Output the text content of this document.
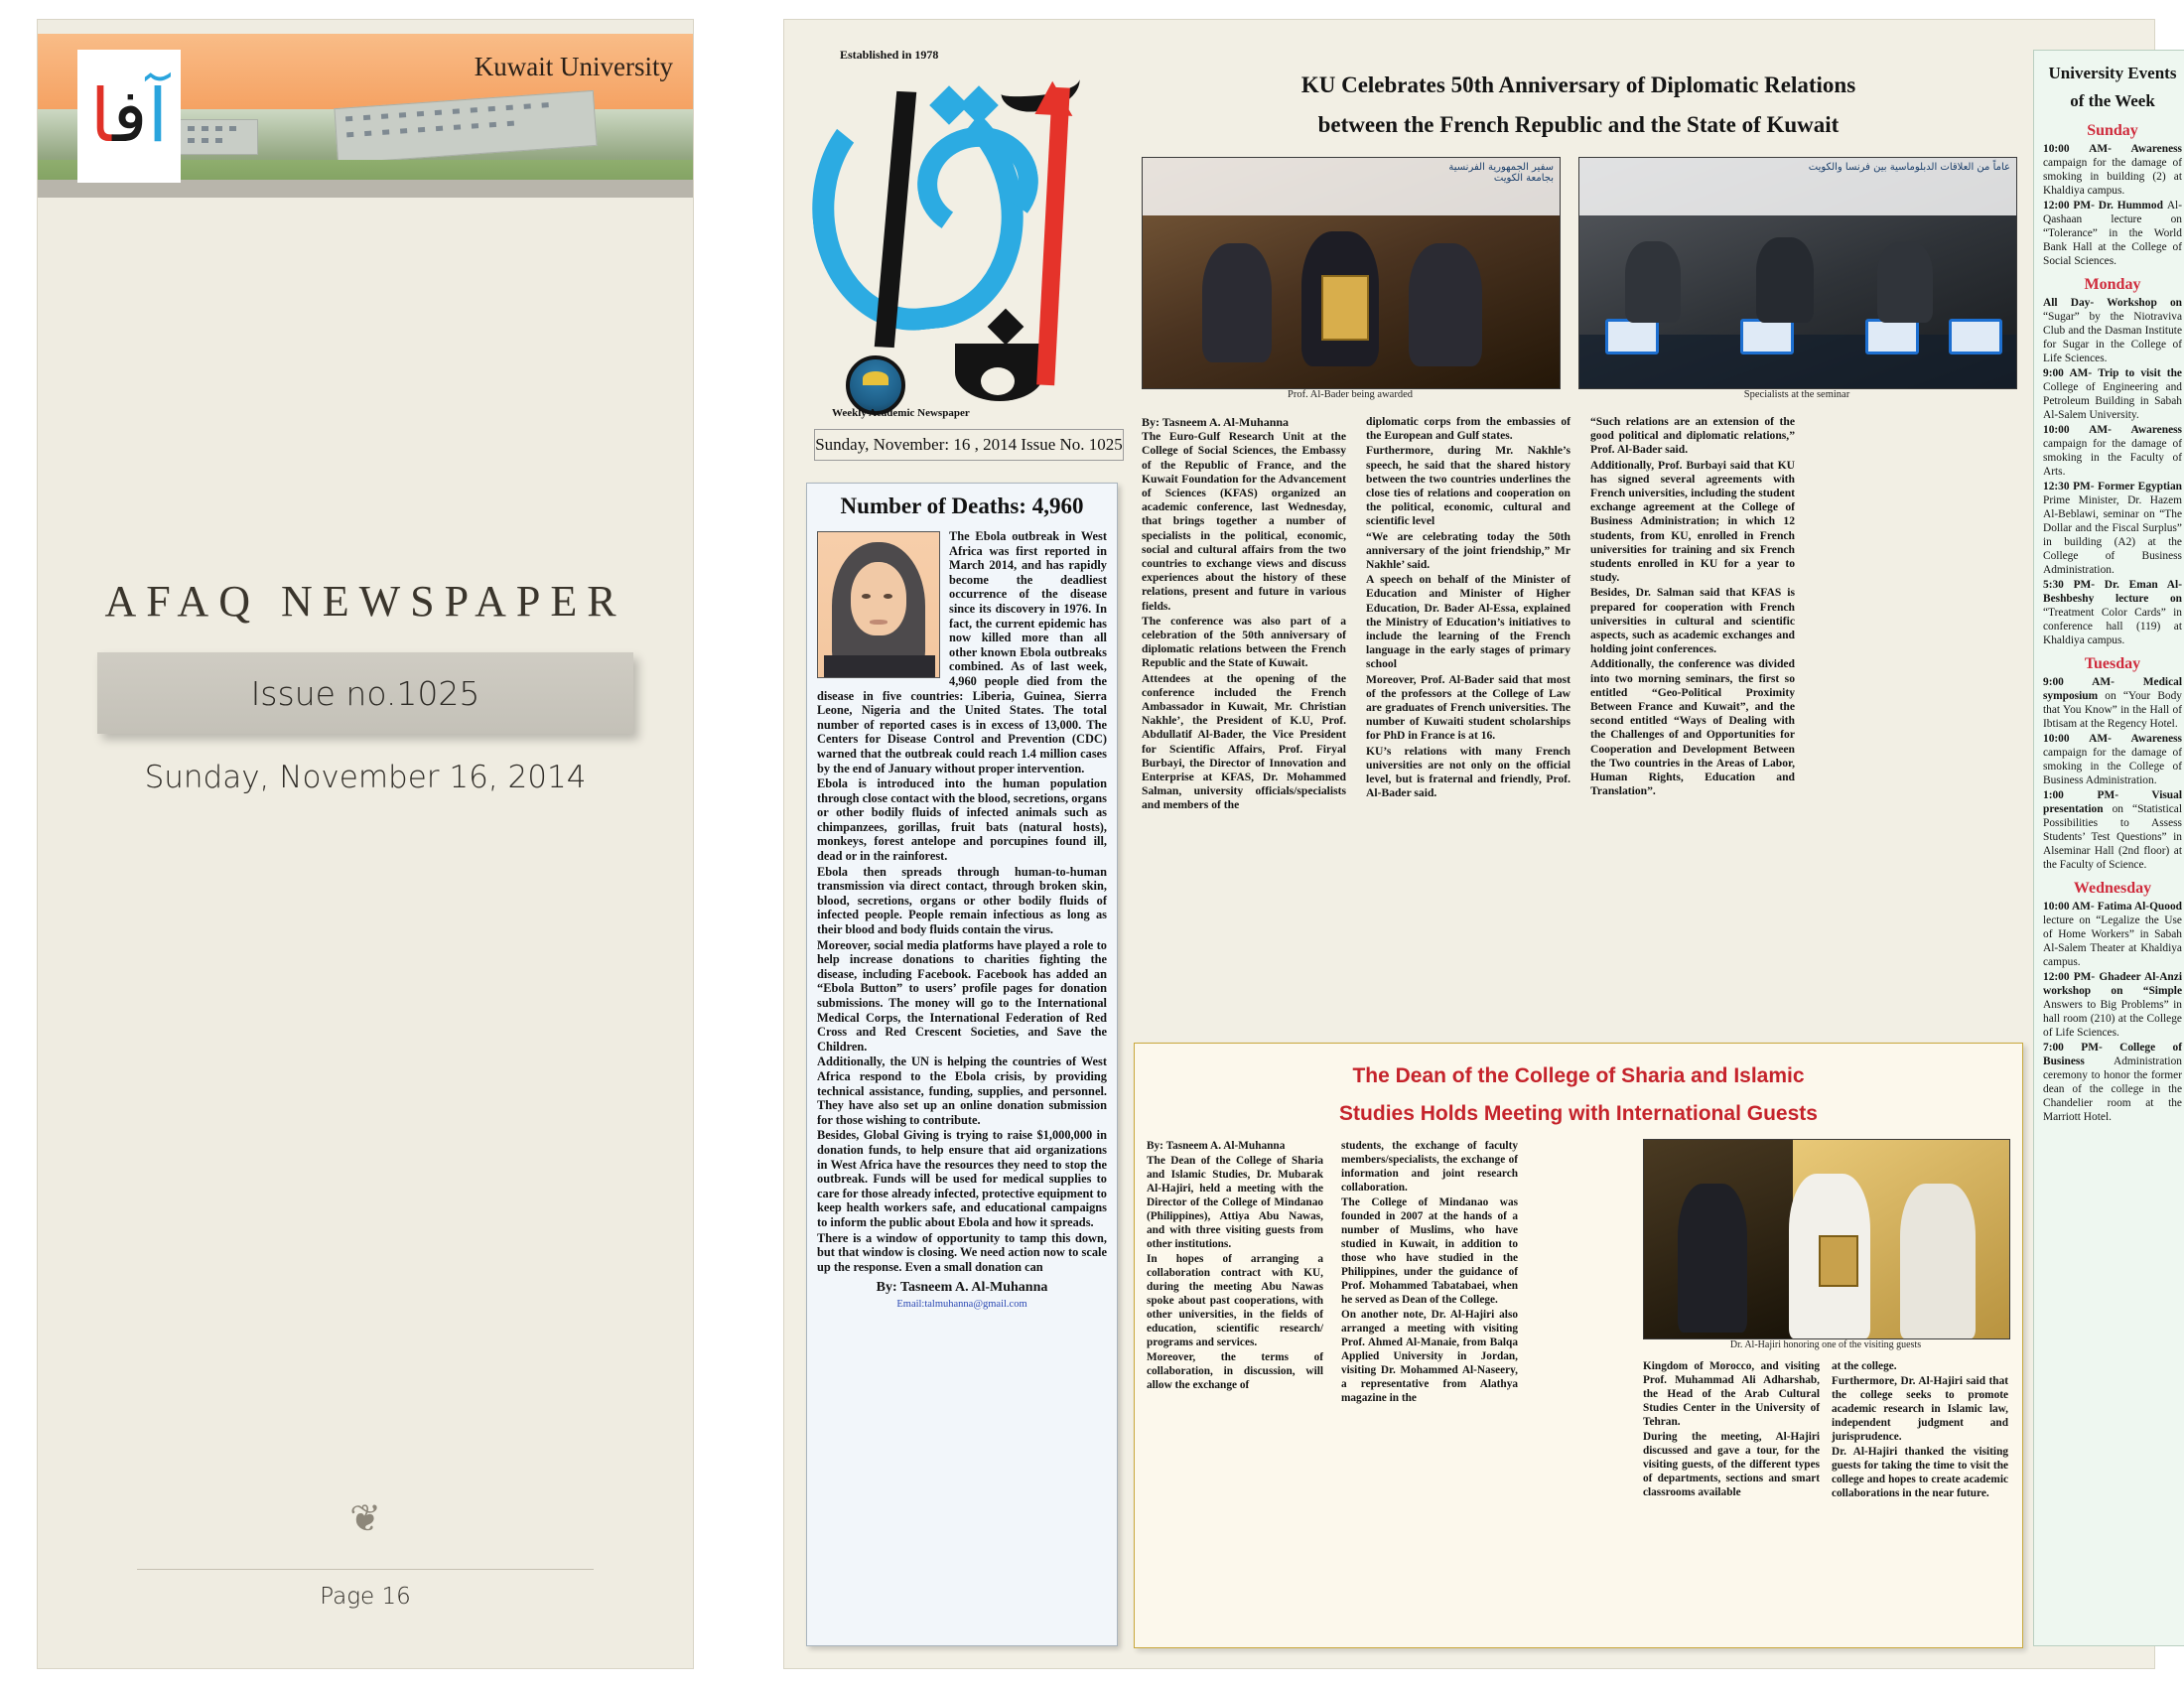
آفا
Kuwait University
AFAQ NEWSPAPER
Issue no.1025
Sunday, November 16, 2014
❦
Page 16
Established in 1978
Weekly Academic Newspaper
Sunday, November: 16 , 2014 Issue No. 1025
Number of Deaths: 4,960

The Ebola outbreak in West Africa was first reported in March 2014, and has rapidly become the deadliest occurrence of the disease since its discovery in 1976. In fact, the current epidemic has now killed more than all other known Ebola outbreaks combined. As of last week, 4,960 people died from the disease in five countries: Liberia, Guinea, Sierra Leone, Nigeria and the United States. The total number of reported cases is in excess of 13,000. The Centers for Disease Control and Prevention (CDC) warned that the outbreak could reach 1.4 million cases by the end of January without proper intervention.

Ebola is introduced into the human population through close contact with the blood, secretions, organs or other bodily fluids of infected animals such as chimpanzees, gorillas, fruit bats (natural hosts), monkeys, forest antelope and porcupines found ill, dead or in the rainforest.

Ebola then spreads through human-to-human transmission via direct contact, through broken skin, blood, secretions, organs or other bodily fluids of infected people. People remain infectious as long as their blood and body fluids contain the virus.

Moreover, social media platforms have played a role to help increase donations to charities fighting the disease, including Facebook. Facebook has added an “Ebola Button” to users’ profile pages for donation submissions. The money will go to the International Medical Corps, the International Federation of Red Cross and Red Crescent Societies, and Save the Children.

Additionally, the UN is helping the countries of West Africa respond to the Ebola crisis, by providing technical assistance, funding, supplies, and personnel. They have also set up an online donation submission for those wishing to contribute.

Besides, Global Giving is trying to raise $1,000,000 in donation funds, to help ensure that aid organizations in West Africa have the resources they need to stop the outbreak. Funds will be used for medical supplies to care for those already infected, protective equipment to keep health workers safe, and educational campaigns to inform the public about Ebola and how it spreads.

There is a window of opportunity to tamp this down, but that window is closing. We need action now to scale up the response. Even a small donation can

By: Tasneem A. Al-Muhanna

Email:talmuhanna@gmail.com

KU Celebrates 50th Anniversary of Diplomatic Relations
between the French Republic and the State of Kuwait
سفير الجمهورية الفرنسية
بجامعة الكويت
Prof. Al-Bader being awarded
عاماً من العلاقات الدبلوماسية بين فرنسا والكويت
Specialists at the seminar

By: Tasneem A. Al-Muhanna

The Euro-Gulf Research Unit at the College of Social Sciences, the Embassy of the Republic of France, and the Kuwait Foundation for the Advancement of Sciences (KFAS) organized an academic conference, last Wednesday, that brings together a number of specialists in the political, economic, social and cultural affairs from the two countries to exchange views and discuss experiences about the history of these relations, present and future in various fields.

The conference was also part of a celebration of the 50th anniversary of diplomatic relations between the French Republic and the State of Kuwait.

Attendees at the opening of the conference included the French Ambassador in Kuwait, Mr. Christian Nakhle’, the President of K.U, Prof. Abdullatif Al-Bader, the Vice President for Scientific Affairs, Prof. Firyal Burbayi, the Director of Innovation and Enterprise at KFAS, Dr. Mohammed Salman, university officials/specialists and members of the

diplomatic corps from the embassies of the European and Gulf states.

Furthermore, during Mr. Nakhle’s speech, he said that the shared history between the two countries underlines the close ties of relations and cooperation on the political, economic, cultural and scientific level

“We are celebrating today the 50th anniversary of the joint friendship,” Mr Nakhle’ said.

A speech on behalf of the Minister of Education and Minister of Higher Education, Dr. Bader Al-Essa, explained the Ministry of Education’s initiatives to include the learning of the French language in the early stages of primary school

Moreover, Prof. Al-Bader said that most of the professors at the College of Law are graduates of French universities. The number of Kuwaiti student scholarships for PhD in France is at 16.

KU’s relations with many French universities are not only on the official level, but is fraternal and friendly, Prof. Al-Bader said.

“Such relations are an extension of the good political and diplomatic relations,” Prof. Al-Bader said.

Additionally, Prof. Burbayi said that KU has signed several agreements with French universities, including the student exchange agreement at the College of Business Administration; in which 12 students, from KU, enrolled in French universities for training and six French students enrolled in KU for a year to study.

Besides, Dr. Salman said that KFAS is prepared for cooperation with French universities in cultural and scientific aspects, such as academic exchanges and holding joint conferences.

Additionally, the conference was divided into two morning seminars, the first so entitled “Geo-Political Proximity Between France and Kuwait”, and the second entitled “Ways of Dealing with the Challenges of and Opportunities for Cooperation and Development Between the Two countries in the Areas of Labor, Human Rights, Education and Translation”.

The Dean of the College of Sharia and Islamic
Studies Holds Meeting with International Guests

By: Tasneem A. Al-Muhanna

The Dean of the College of Sharia and Islamic Studies, Dr. Mubarak Al-Hajiri, held a meeting with the Director of the College of Mindanao (Philippines), Attiya Abu Nawas, and with three visiting guests from other institutions.

In hopes of arranging a collaboration contract with KU, during the meeting Abu Nawas spoke about past cooperations, with other universities, in the fields of education, scientific research/ programs and services.

Moreover, the terms of collaboration, in discussion, will allow the exchange of

students, the exchange of faculty members/specialists, the exchange of information and joint research collaboration.

The College of Mindanao was founded in 2007 at the hands of a number of Muslims, who have studied in Kuwait, in addition to those who have studied in the Philippines, under the guidance of Prof. Mohammed Tabatabaei, when he served as Dean of the College.

On another note, Dr. Al-Hajiri also arranged a meeting with visiting Prof. Ahmed Al-Manaie, from Balqa Applied University in Jordan, visiting Dr. Mohammed Al-Naseery, a representative from Alathya magazine in the

Dr. Al-Hajiri honoring one of the visiting guests

Kingdom of Morocco, and visiting Prof. Muhammad Ali Adharshab, the Head of the Arab Cultural Studies Center in the University of Tehran.

During the meeting, Al-Hajiri discussed and gave a tour, for the visiting guests, of the different types of departments, sections and smart classrooms available

at the college.

Furthermore, Dr. Al-Hajiri said that the college seeks to promote academic research in Islamic law, independent judgment and jurisprudence.

Dr. Al-Hajiri thanked the visiting guests for taking the time to visit the college and hopes to create academic collaborations in the near future.

University Events
of the Week
Sunday

10:00 AM- Awareness campaign for the damage of smoking in building (2) at Khaldiya campus.

12:00 PM- Dr. Hummod Al-Qashaan lecture on “Tolerance” in the World Bank Hall at the College of Social Sciences.

Monday

All Day- Workshop on “Sugar” by the Niotraviva Club and the Dasman Institute for Sugar in the College of Life Sciences.

9:00 AM- Trip to visit the College of Engineering and Petroleum Building in Sabah Al-Salem University.

10:00 AM- Awareness campaign for the damage of smoking in the Faculty of Arts.

12:30 PM- Former Egyptian Prime Minister, Dr. Hazem Al-Beblawi, seminar on “The Dollar and the Fiscal Surplus” in building (A2) at the College of Business Administration.

5:30 PM- Dr. Eman Al-Beshbeshy lecture on “Treatment Color Cards” in conference hall (119) at Khaldiya campus.

Tuesday

9:00 AM- Medical symposium on “Your Body that You Know” in the Hall of Ibtisam at the Regency Hotel.

10:00 AM- Awareness campaign for the damage of smoking in the College of Business Administration.

1:00 PM- Visual presentation on “Statistical Possibilities to Assess Students’ Test Questions” in Alseminar Hall (2nd floor) at the Faculty of Science.

Wednesday

10:00 AM- Fatima Al-Quood lecture on “Legalize the Use of Home Workers” in Sabah Al-Salem Theater at Khaldiya campus.

12:00 PM- Ghadeer Al-Anzi workshop on “Simple Answers to Big Problems” in hall room (210) at the College of Life Sciences.

7:00 PM- College of Business Administration ceremony to honor the former dean of the college in the Chandelier room at the Marriott Hotel.
